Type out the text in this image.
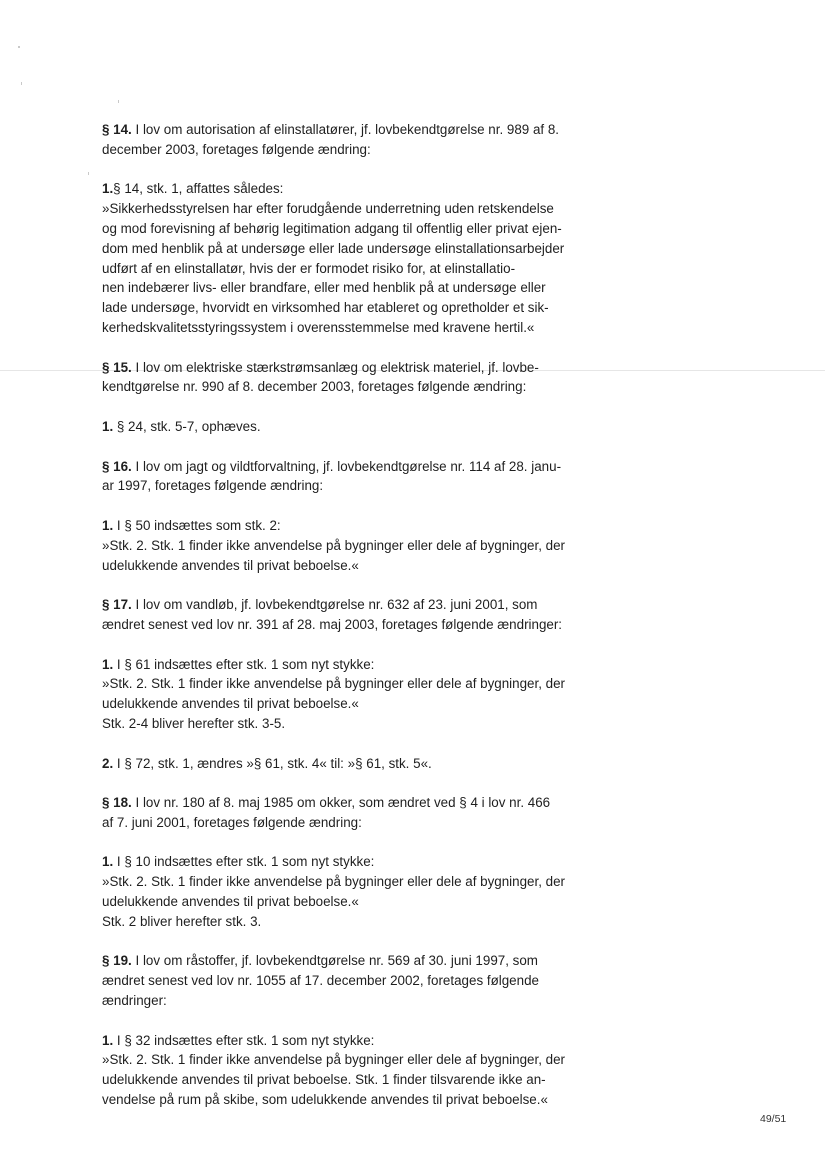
§ 14. I lov om autorisation af elinstallatører, jf. lovbekendtgørelse nr. 989 af 8.
december 2003, foretages følgende ændring:
1.§ 14, stk. 1, affattes således:
»Sikkerhedsstyrelsen har efter forudgående underretning uden retskendelse
og mod forevisning af behørig legitimation adgang til offentlig eller privat ejen-
dom med henblik på at undersøge eller lade undersøge elinstallationsarbejder
udført af en elinstallatør, hvis der er formodet risiko for, at elinstallatio-
nen indebærer livs- eller brandfare, eller med henblik på at undersøge eller
lade undersøge, hvorvidt en virksomhed har etableret og opretholder et sik-
kerhedskvalitetsstyringssystem i overensstemmelse med kravene hertil.«
§ 15. I lov om elektriske stærkstrømsanlæg og elektrisk materiel, jf. lovbe-
kendtgørelse nr. 990 af 8. december 2003, foretages følgende ændring:
1. § 24, stk. 5-7, ophæves.
§ 16. I lov om jagt og vildtforvaltning, jf. lovbekendtgørelse nr. 114 af 28. janu-
ar 1997, foretages følgende ændring:
1. I § 50 indsættes som stk. 2:
»Stk. 2. Stk. 1 finder ikke anvendelse på bygninger eller dele af bygninger, der
udelukkende anvendes til privat beboelse.«
§ 17. I lov om vandløb, jf. lovbekendtgørelse nr. 632 af 23. juni 2001, som
ændret senest ved lov nr. 391 af 28. maj 2003, foretages følgende ændringer:
1. I § 61 indsættes efter stk. 1 som nyt stykke:
»Stk. 2. Stk. 1 finder ikke anvendelse på bygninger eller dele af bygninger, der
udelukkende anvendes til privat beboelse.«
Stk. 2-4 bliver herefter stk. 3-5.
2. I § 72, stk. 1, ændres »§ 61, stk. 4« til: »§ 61, stk. 5«.
§ 18. I lov nr. 180 af 8. maj 1985 om okker, som ændret ved § 4 i lov nr. 466
af 7. juni 2001, foretages følgende ændring:
1. I § 10 indsættes efter stk. 1 som nyt stykke:
»Stk. 2. Stk. 1 finder ikke anvendelse på bygninger eller dele af bygninger, der
udelukkende anvendes til privat beboelse.«
Stk. 2 bliver herefter stk. 3.
§ 19. I lov om råstoffer, jf. lovbekendtgørelse nr. 569 af 30. juni 1997, som
ændret senest ved lov nr. 1055 af 17. december 2002, foretages følgende
ændringer:
1. I § 32 indsættes efter stk. 1 som nyt stykke:
»Stk. 2. Stk. 1 finder ikke anvendelse på bygninger eller dele af bygninger, der
udelukkende anvendes til privat beboelse. Stk. 1 finder tilsvarende ikke an-
vendelse på rum på skibe, som udelukkende anvendes til privat beboelse.«
49/51
